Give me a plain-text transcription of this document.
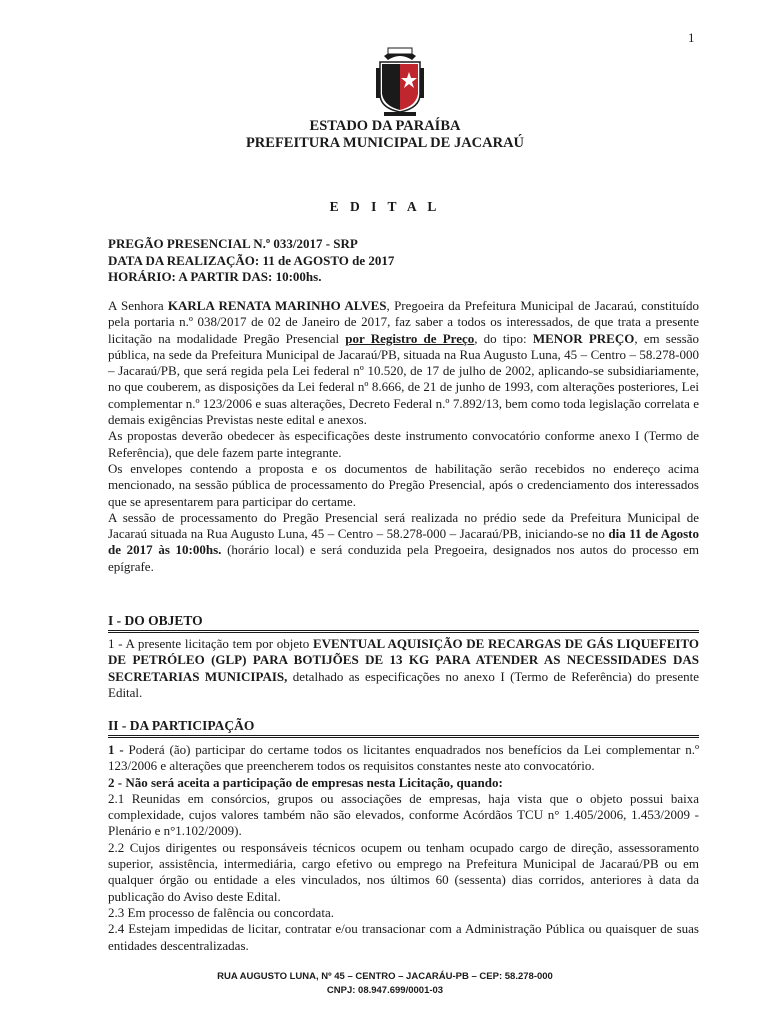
1
ESTADO DA PARAÍBA
PREFEITURA MUNICIPAL DE JACARAÚ
E D I T A L
PREGÃO PRESENCIAL N.º 033/2017 - SRP
DATA DA REALIZAÇÃO: 11 de AGOSTO de 2017
HORÁRIO: A PARTIR DAS: 10:00hs.

A Senhora KARLA RENATA MARINHO ALVES, Pregoeira da Prefeitura Municipal de Jacaraú, constituído pela portaria n.º 038/2017 de 02 de Janeiro de 2017, faz saber a todos os interessados, de que trata a presente licitação na modalidade Pregão Presencial por Registro de Preço, do tipo: MENOR PREÇO, em sessão pública, na sede da Prefeitura Municipal de Jacaraú/PB, situada na Rua Augusto Luna, 45 – Centro – 58.278-000 – Jacaraú/PB, que será regida pela Lei federal nº 10.520, de 17 de julho de 2002, aplicando-se subsidiariamente, no que couberem, as disposições da Lei federal nº 8.666, de 21 de junho de 1993, com alterações posteriores, Lei complementar n.º 123/2006 e suas alterações, Decreto Federal n.º 7.892/13, bem como toda legislação correlata e demais exigências Previstas neste edital e anexos.

As propostas deverão obedecer às especificações deste instrumento convocatório conforme anexo I (Termo de Referência), que dele fazem parte integrante.

Os envelopes contendo a proposta e os documentos de habilitação serão recebidos no endereço acima mencionado, na sessão pública de processamento do Pregão Presencial, após o credenciamento dos interessados que se apresentarem para participar do certame.

A sessão de processamento do Pregão Presencial será realizada no prédio sede da Prefeitura Municipal de Jacaraú situada na Rua Augusto Luna, 45 – Centro – 58.278-000 – Jacaraú/PB, iniciando-se no dia 11 de Agosto de 2017 às 10:00hs. (horário local) e será conduzida pela Pregoeira, designados nos autos do processo em epígrafe.

I - DO OBJETO

1 - A presente licitação tem por objeto EVENTUAL AQUISIÇÃO DE RECARGAS DE GÁS LIQUEFEITO DE PETRÓLEO (GLP) PARA BOTIJÕES DE 13 KG PARA ATENDER AS NECESSIDADES DAS SECRETARIAS MUNICIPAIS, detalhado as especificações no anexo I (Termo de Referência) do presente Edital.

II - DA PARTICIPAÇÃO

1 - Poderá (ão) participar do certame todos os licitantes enquadrados nos benefícios da Lei complementar n.º 123/2006 e alterações que preencherem todos os requisitos constantes neste ato convocatório.

2 - Não será aceita a participação de empresas nesta Licitação, quando:

2.1 Reunidas em consórcios, grupos ou associações de empresas, haja vista que o objeto possui baixa complexidade, cujos valores também não são elevados, conforme Acórdãos TCU n° 1.405/2006, 1.453/2009 - Plenário e n°1.102/2009).

2.2 Cujos dirigentes ou responsáveis técnicos ocupem ou tenham ocupado cargo de direção, assessoramento superior, assistência, intermediária, cargo efetivo ou emprego na Prefeitura Municipal de Jacaraú/PB ou em qualquer órgão ou entidade a eles vinculados, nos últimos 60 (sessenta) dias corridos, anteriores à data da publicação do Aviso deste Edital.

2.3 Em processo de falência ou concordata.

2.4 Estejam impedidas de licitar, contratar e/ou transacionar com a Administração Pública ou quaisquer de suas entidades descentralizadas.

RUA AUGUSTO LUNA, Nº 45 – CENTRO – JACARÁU-PB – CEP: 58.278-000
CNPJ: 08.947.699/0001-03
